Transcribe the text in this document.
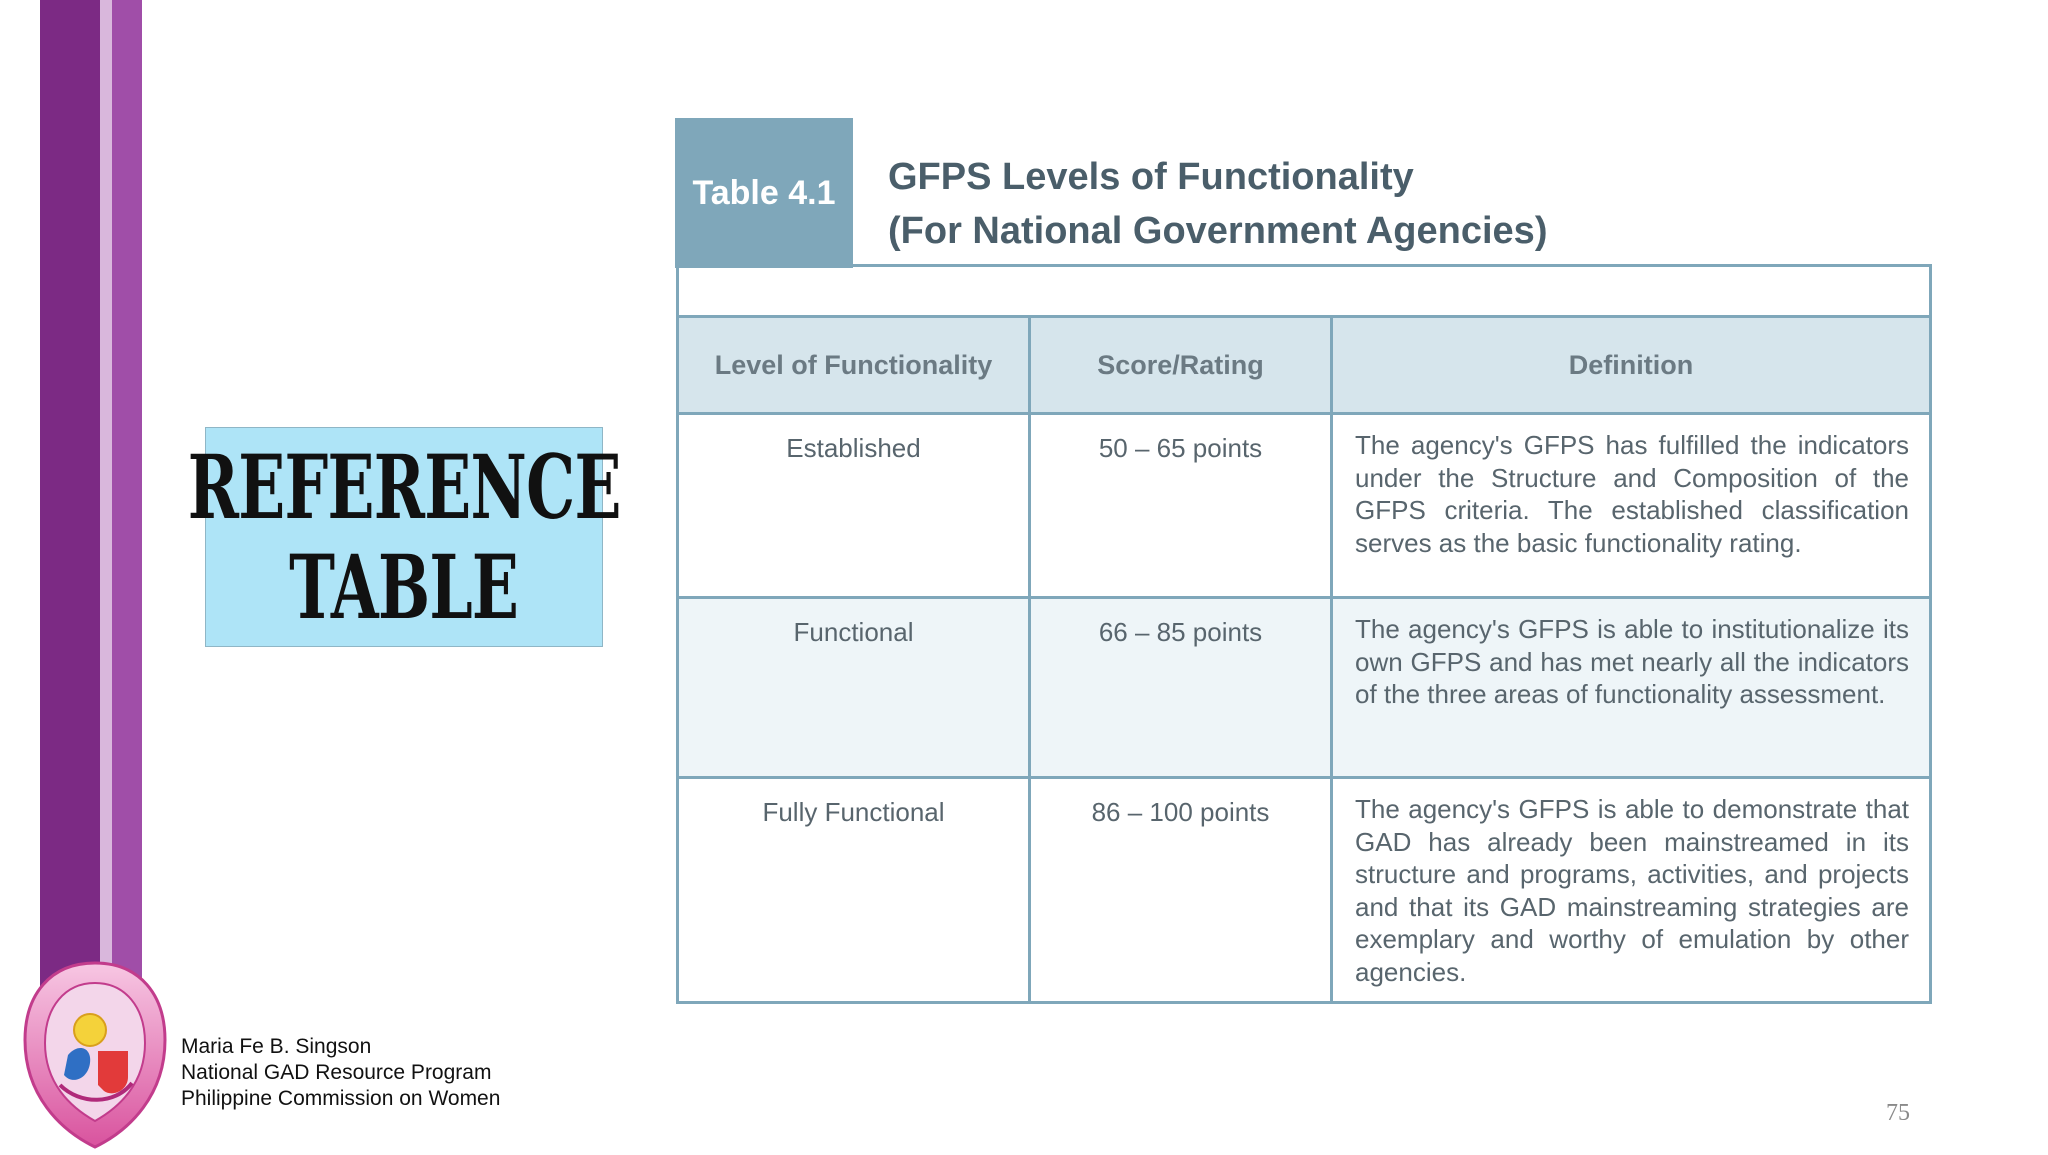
REFERENCE
TABLE
Table 4.1	GFPS Levels of Functionality
(For National Government Agencies)
Level of Functionality	Score/Rating	Definition
Established	50 – 65 points	The agency's GFPS has fulfilled the indicators under the Structure and Composition of the GFPS criteria. The established classification serves as the basic functionality rating.
Functional	66 – 85 points	The agency's GFPS is able to institutionalize its own GFPS and has met nearly all the indicators of the three areas of functionality assessment.
Fully Functional	86 – 100 points	The agency's GFPS is able to demonstrate that GAD has already been mainstreamed in its structure and programs, activities, and projects and that its GAD mainstreaming strategies are exemplary and worthy of emulation by other agencies.
Maria Fe B. Singson
National GAD Resource Program
Philippine Commission on Women
75
